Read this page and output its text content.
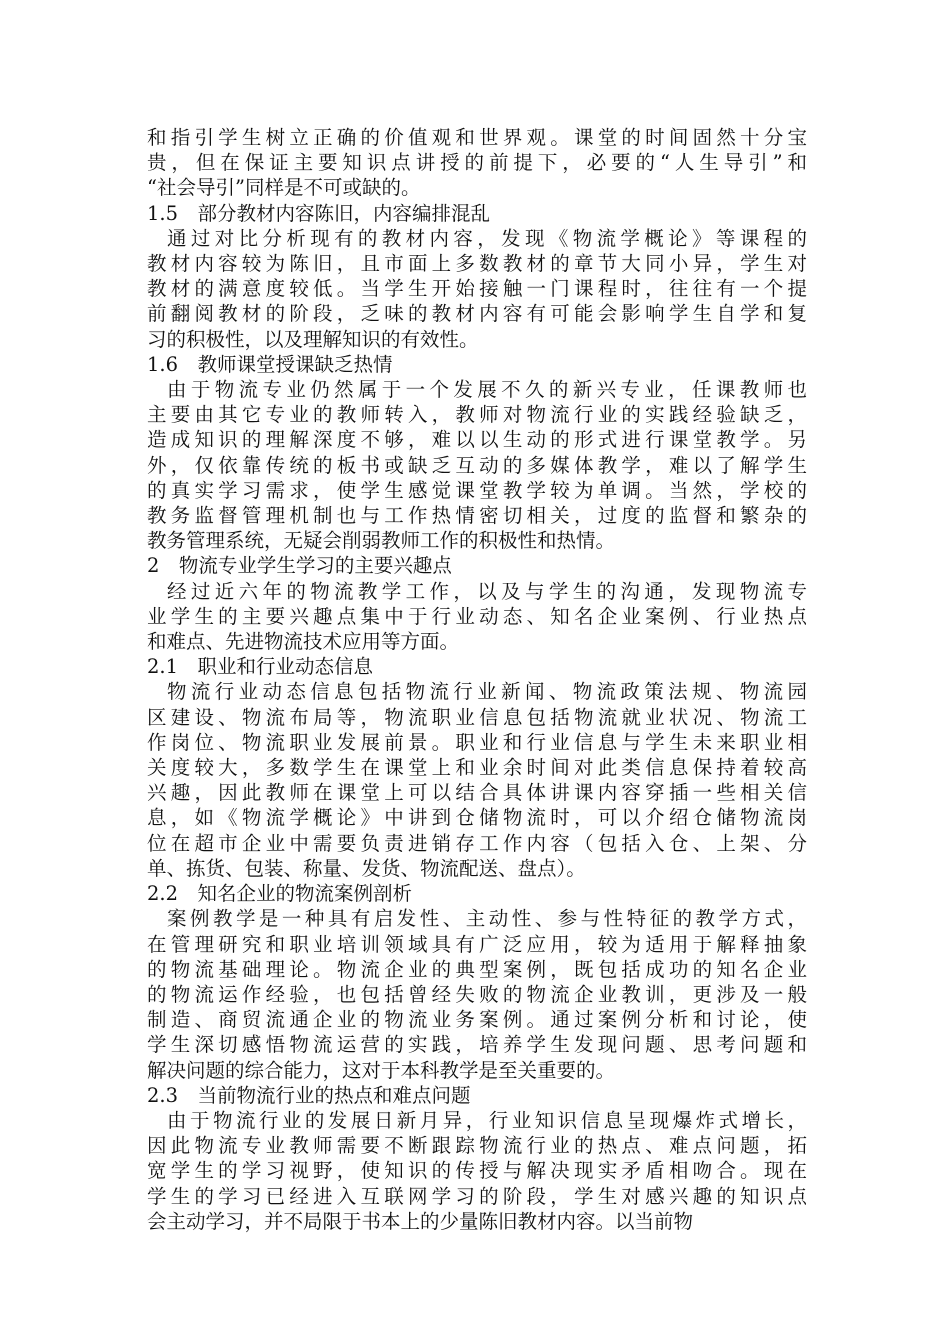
和指引学生树立正确的价值观和世界观。课堂的时间固然十分宝
贵，但在保证主要知识点讲授的前提下，必要的“人生导引”和
“社会导引”同样是不可或缺的。

1.5　部分教材内容陈旧，内容编排混乱

通过对比分析现有的教材内容，发现《物流学概论》等课程的
教材内容较为陈旧，且市面上多数教材的章节大同小异，学生对
教材的满意度较低。当学生开始接触一门课程时，往往有一个提
前翻阅教材的阶段，乏味的教材内容有可能会影响学生自学和复
习的积极性，以及理解知识的有效性。

1.6　教师课堂授课缺乏热情

由于物流专业仍然属于一个发展不久的新兴专业，任课教师也
主要由其它专业的教师转入，教师对物流行业的实践经验缺乏，
造成知识的理解深度不够，难以以生动的形式进行课堂教学。另
外，仅依靠传统的板书或缺乏互动的多媒体教学，难以了解学生
的真实学习需求，使学生感觉课堂教学较为单调。当然，学校的
教务监督管理机制也与工作热情密切相关，过度的监督和繁杂的
教务管理系统，无疑会削弱教师工作的积极性和热情。

2　物流专业学生学习的主要兴趣点

经过近六年的物流教学工作，以及与学生的沟通，发现物流专
业学生的主要兴趣点集中于行业动态、知名企业案例、行业热点
和难点、先进物流技术应用等方面。

2.1　职业和行业动态信息

物流行业动态信息包括物流行业新闻、物流政策法规、物流园
区建设、物流布局等，物流职业信息包括物流就业状况、物流工
作岗位、物流职业发展前景。职业和行业信息与学生未来职业相
关度较大，多数学生在课堂上和业余时间对此类信息保持着较高
兴趣，因此教师在课堂上可以结合具体讲课内容穿插一些相关信
息，如《物流学概论》中讲到仓储物流时，可以介绍仓储物流岗
位在超市企业中需要负责进销存工作内容（包括入仓、上架、分
单、拣货、包装、称量、发货、物流配送、盘点）。

2.2　知名企业的物流案例剖析

案例教学是一种具有启发性、主动性、参与性特征的教学方式，
在管理研究和职业培训领域具有广泛应用，较为适用于解释抽象
的物流基础理论。物流企业的典型案例，既包括成功的知名企业
的物流运作经验，也包括曾经失败的物流企业教训，更涉及一般
制造、商贸流通企业的物流业务案例。通过案例分析和讨论，使
学生深切感悟物流运营的实践，培养学生发现问题、思考问题和
解决问题的综合能力，这对于本科教学是至关重要的。

2.3　当前物流行业的热点和难点问题

由于物流行业的发展日新月异，行业知识信息呈现爆炸式增长，
因此物流专业教师需要不断跟踪物流行业的热点、难点问题，拓
宽学生的学习视野，使知识的传授与解决现实矛盾相吻合。现在
学生的学习已经进入互联网学习的阶段，学生对感兴趣的知识点
会主动学习，并不局限于书本上的少量陈旧教材内容。以当前物
